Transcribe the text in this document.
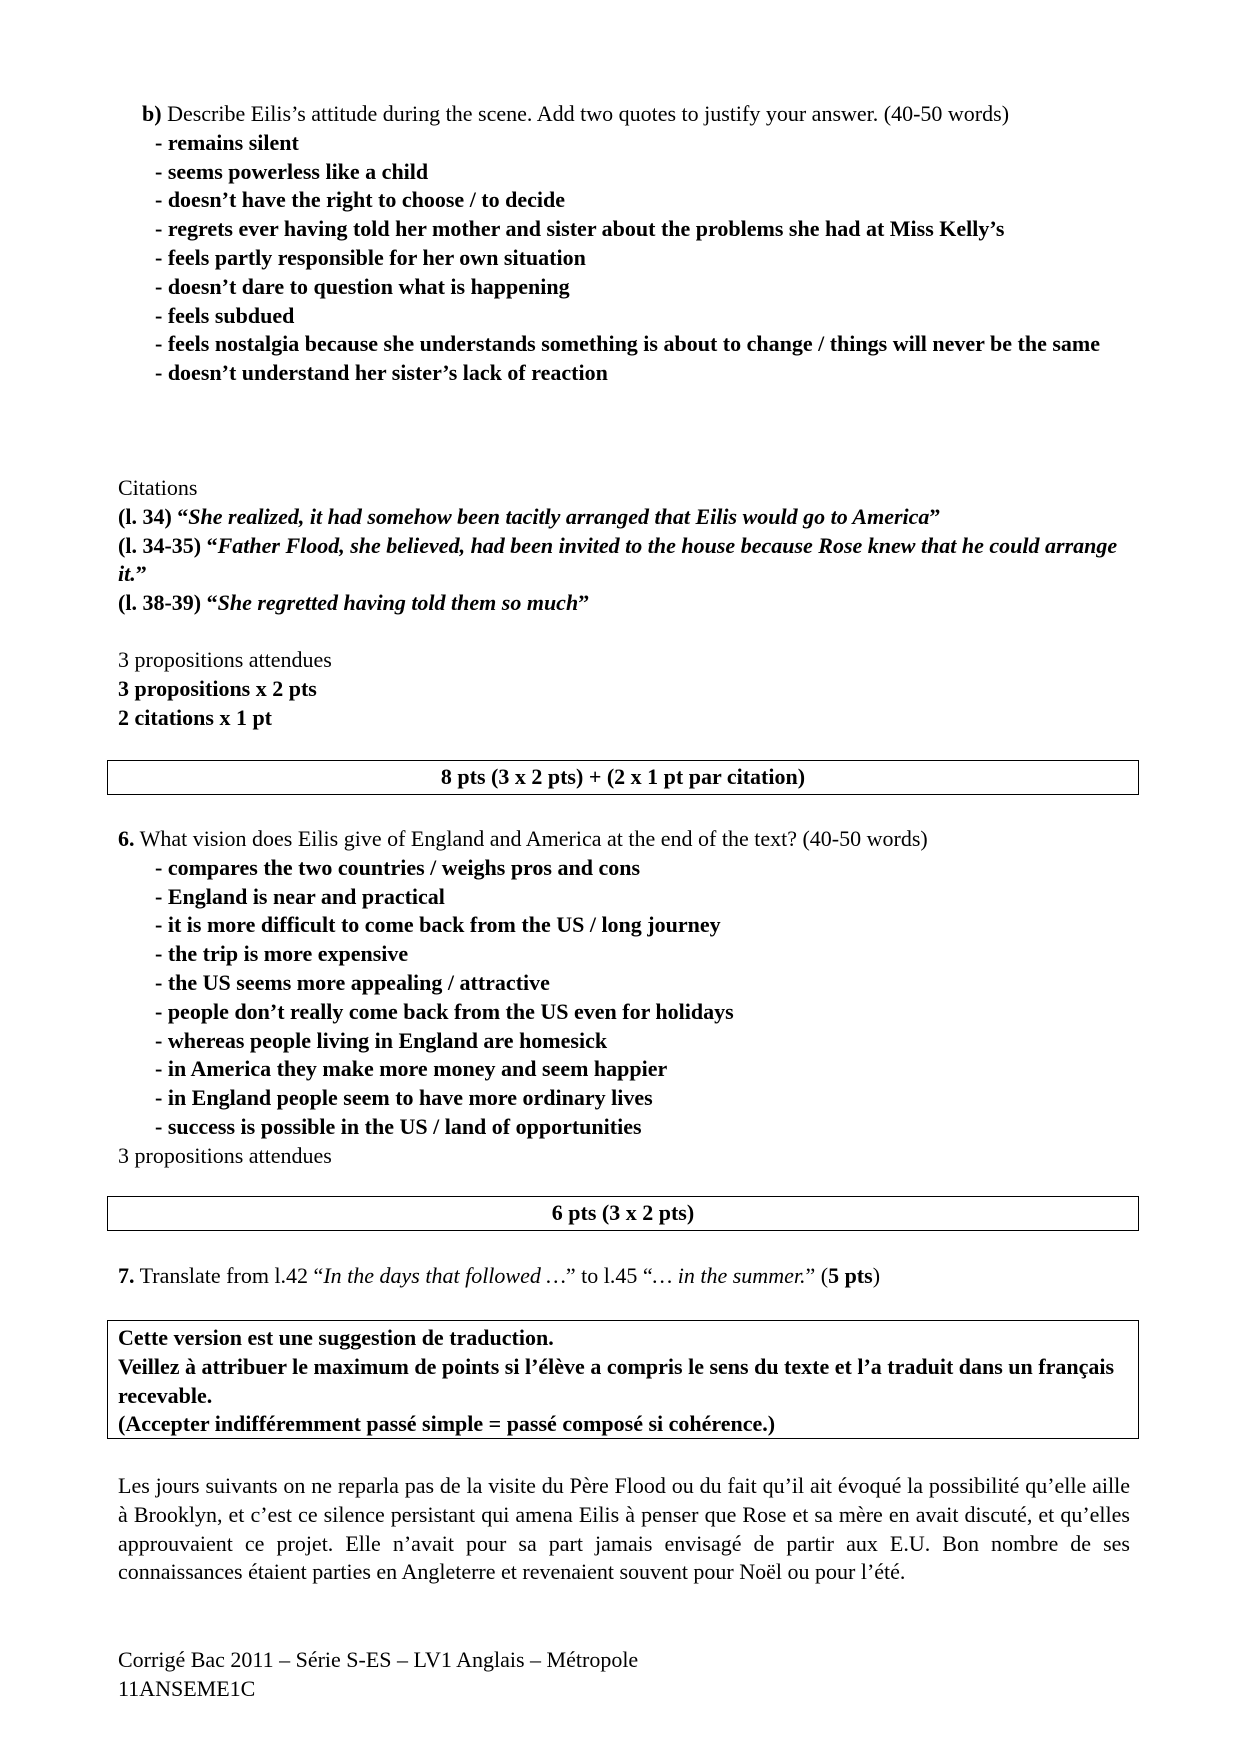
b) Describe Eilis’s attitude during the scene. Add two quotes to justify your answer. (40-50 words)
- remains silent
- seems powerless like a child
- doesn’t have the right to choose / to decide
- regrets ever having told her mother and sister about the problems she had at Miss Kelly’s
- feels partly responsible for her own situation
- doesn’t dare to question what is happening
- feels subdued
- feels nostalgia because she understands something is about to change / things will never be the same
- doesn’t understand her sister’s lack of reaction
Citations
(l. 34) “She realized, it had somehow been tacitly arranged that Eilis would go to America”
(l. 34-35) “Father Flood, she believed, had been invited to the house because Rose knew that he could arrange it.”
(l. 38-39) “She regretted having told them so much”
3 propositions attendues
3 propositions x 2 pts
2 citations x 1 pt
8 pts (3 x 2 pts) + (2 x 1 pt par citation)
6. What vision does Eilis give of England and America at the end of the text? (40-50 words)
- compares the two countries / weighs pros and cons
- England is near and practical
- it is more difficult to come back from the US / long journey
- the trip is more expensive
- the US seems more appealing / attractive
- people don’t really come back from the US even for holidays
- whereas people living in England are homesick
- in America they make more money and seem happier
- in England people seem to have more ordinary lives
- success is possible in the US / land of opportunities
3 propositions attendues
6 pts (3 x 2 pts)
7. Translate from l.42 “In the days that followed …” to l.45 “… in the summer.” (5 pts)
Cette version est une suggestion de traduction.
Veillez à attribuer le maximum de points si l’élève a compris le sens du texte et l’a traduit dans un français recevable.
(Accepter indifféremment passé simple = passé composé si cohérence.)
Les jours suivants on ne reparla pas de la visite du Père Flood ou du fait qu’il ait évoqué la possibilité qu’elle aille à Brooklyn, et c’est ce silence persistant qui amena Eilis à penser que Rose et sa mère en avait discuté, et qu’elles approuvaient ce projet. Elle n’avait pour sa part jamais envisagé de partir aux E.U. Bon nombre de ses connaissances étaient parties en Angleterre et revenaient souvent pour Noël ou pour l’été.
Corrigé Bac 2011 – Série S-ES – LV1 Anglais – Métropole
11ANSEME1C
